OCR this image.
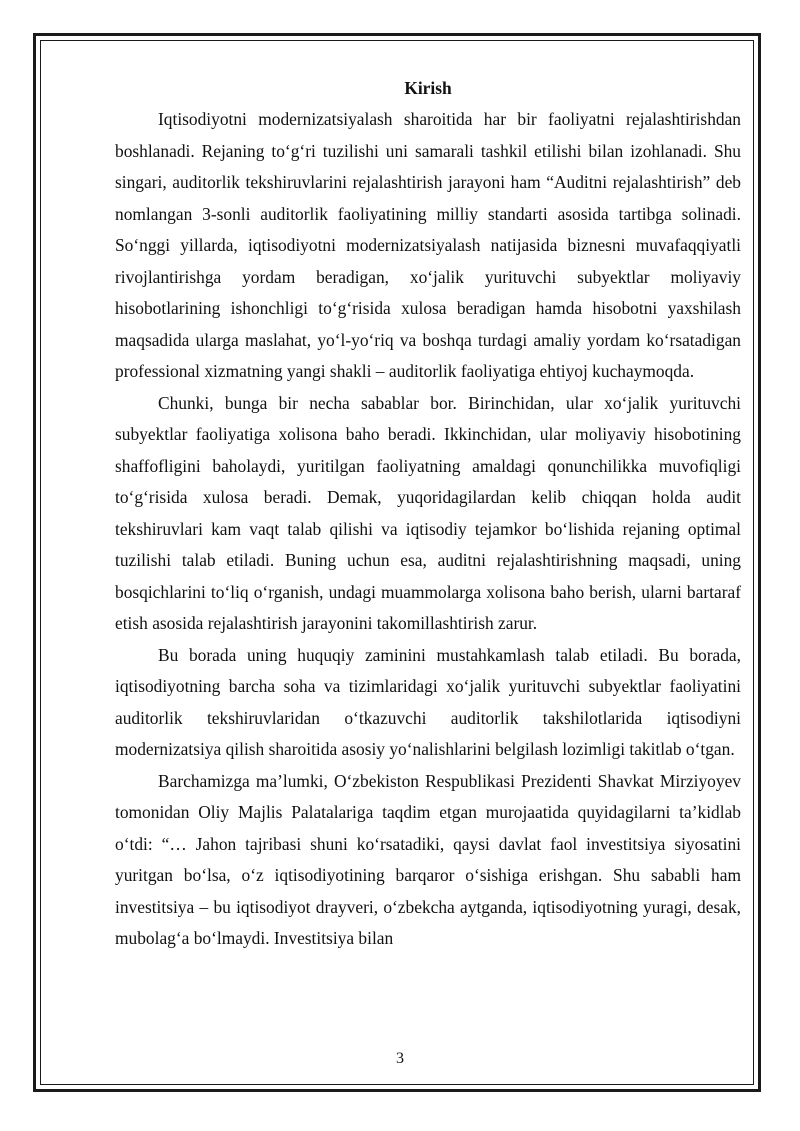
Kirish

Iqtisodiyotni modernizatsiyalash sharoitida har bir faoliyatni rejalashtirishdan boshlanadi. Rejaning to‘g‘ri tuzilishi uni samarali tashkil etilishi bilan izohlanadi. Shu singari, auditorlik tekshiruvlarini rejalashtirish jarayoni ham “Auditni rejalashtirish” deb nomlangan 3-sonli auditorlik faoliyatining milliy standarti asosida tartibga solinadi. So‘nggi yillarda, iqtisodiyotni modernizatsiyalash natijasida biznesni muvafaqqiyatli rivojlantirishga yordam beradigan, xo‘jalik yurituvchi subyektlar moliyaviy hisobotlarining ishonchligi to‘g‘risida xulosa beradigan hamda hisobotni yaxshilash maqsadida ularga maslahat, yo‘l-yo‘riq va boshqa turdagi amaliy yordam ko‘rsatadigan professional xizmatning yangi shakli – auditorlik faoliyatiga ehtiyoj kuchaymoqda.

Chunki, bunga bir necha sabablar bor. Birinchidan, ular xo‘jalik yurituvchi subyektlar faoliyatiga xolisona baho beradi. Ikkinchidan, ular moliyaviy hisobotining shaffofligini baholaydi, yuritilgan faoliyatning amaldagi qonunchilikka muvofiqligi to‘g‘risida xulosa beradi. Demak, yuqoridagilardan kelib chiqqan holda audit tekshiruvlari kam vaqt talab qilishi va iqtisodiy tejamkor bo‘lishida rejaning optimal tuzilishi talab etiladi. Buning uchun esa, auditni rejalashtirishning maqsadi, uning bosqichlarini to‘liq o‘rganish, undagi muammolarga xolisona baho berish, ularni bartaraf etish asosida rejalashtirish jarayonini takomillashtirish zarur.

Bu borada uning huquqiy zaminini mustahkamlash talab etiladi. Bu borada, iqtisodiyotning barcha soha va tizimlaridagi xo‘jalik yurituvchi subyektlar faoliyatini auditorlik tekshiruvlaridan o‘tkazuvchi auditorlik takshilotlarida iqtisodiyni modernizatsiya qilish sharoitida asosiy yo‘nalishlarini belgilash lozimligi takitlab o‘tgan.

Barchamizga ma’lumki, O‘zbekiston Respublikasi Prezidenti Shavkat Mirziyoyev tomonidan Oliy Majlis Palatalariga taqdim etgan murojaatida quyidagilarni ta’kidlab o‘tdi: “… Jahon tajribasi shuni ko‘rsatadiki, qaysi davlat faol investitsiya siyosatini yuritgan bo‘lsa, o‘z iqtisodiyotining barqaror o‘sishiga erishgan. Shu sababli ham investitsiya – bu iqtisodiyot drayveri, o‘zbekcha aytganda, iqtisodiyotning yuragi, desak, mubolag‘a bo‘lmaydi. Investitsiya bilan

3
